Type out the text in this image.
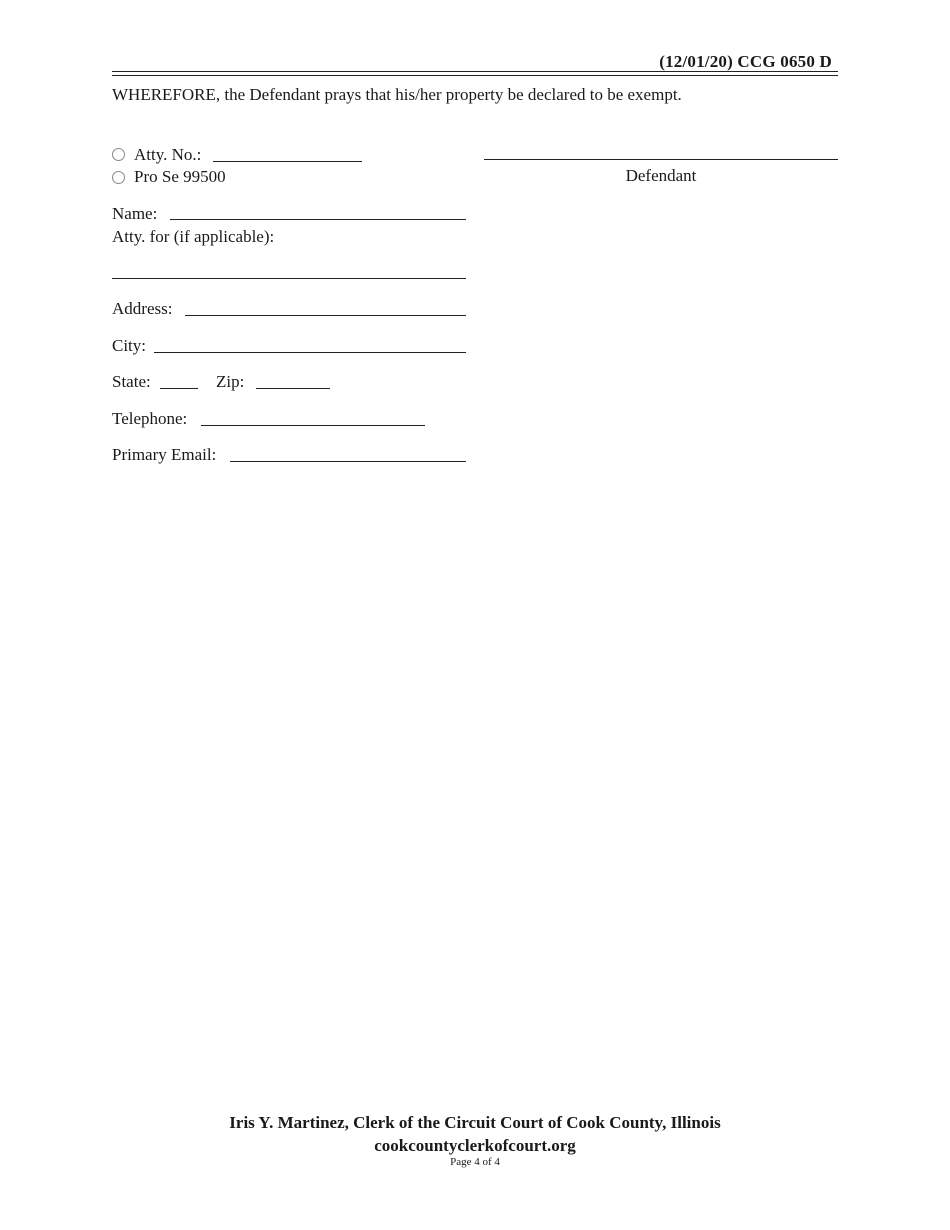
(12/01/20) CCG 0650 D
WHEREFORE, the Defendant prays that his/her property be declared to be exempt.
Atty. No.:
Pro Se 99500	Defendant
Name:
Atty. for (if applicable):
Address:
City:
State:	Zip:
Telephone:
Primary Email:
Iris Y. Martinez, Clerk of the Circuit Court of Cook County, Illinois
cookcountyclerkofcourt.org
Page 4 of 4
